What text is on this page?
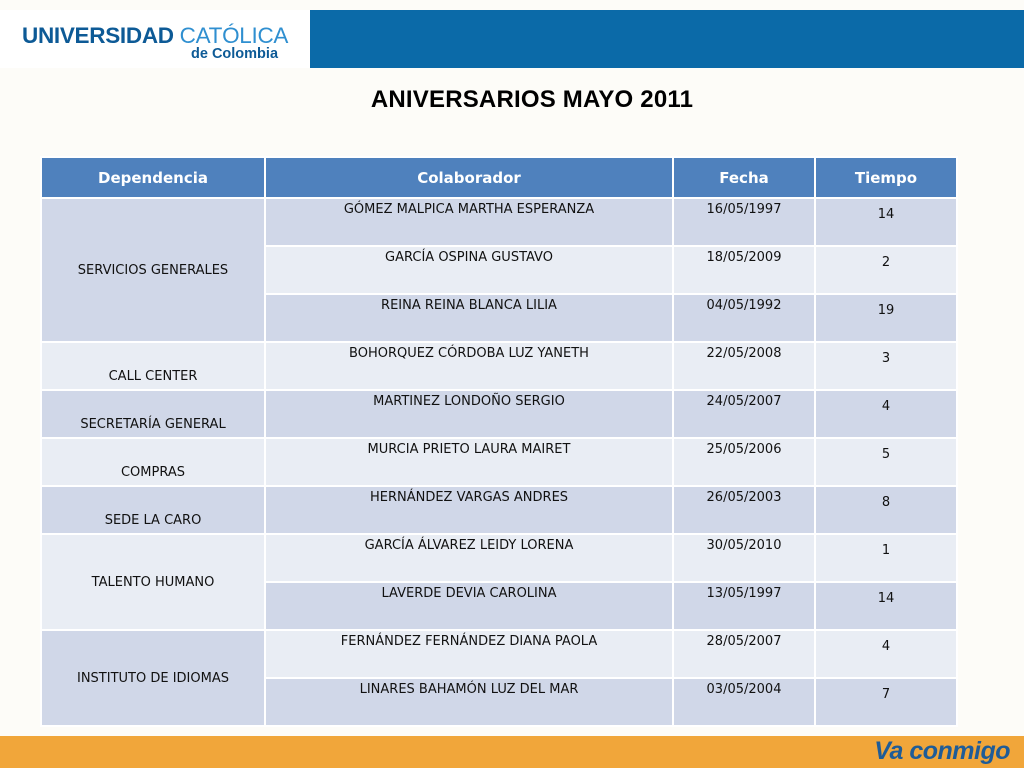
UNIVERSIDAD CATÓLICA
de Colombia
ANIVERSARIOS MAYO 2011
Dependencia	Colaborador	Fecha	Tiempo
SERVICIOS GENERALES	GÓMEZ MALPICA MARTHA ESPERANZA	16/05/1997	14
	GARCÍA OSPINA GUSTAVO	18/05/2009	2
	REINA REINA BLANCA LILIA	04/05/1992	19
CALL CENTER	BOHORQUEZ CÓRDOBA LUZ YANETH	22/05/2008	3
SECRETARÍA GENERAL	MARTINEZ LONDOÑO SERGIO	24/05/2007	4
COMPRAS	MURCIA PRIETO LAURA MAIRET	25/05/2006	5
SEDE LA CARO	HERNÁNDEZ VARGAS ANDRES	26/05/2003	8
TALENTO HUMANO	GARCÍA ÁLVAREZ LEIDY LORENA	30/05/2010	1
	LAVERDE DEVIA CAROLINA	13/05/1997	14
INSTITUTO DE IDIOMAS	FERNÁNDEZ FERNÁNDEZ DIANA PAOLA	28/05/2007	4
	LINARES BAHAMÓN LUZ DEL MAR	03/05/2004	7
Va conmigo
